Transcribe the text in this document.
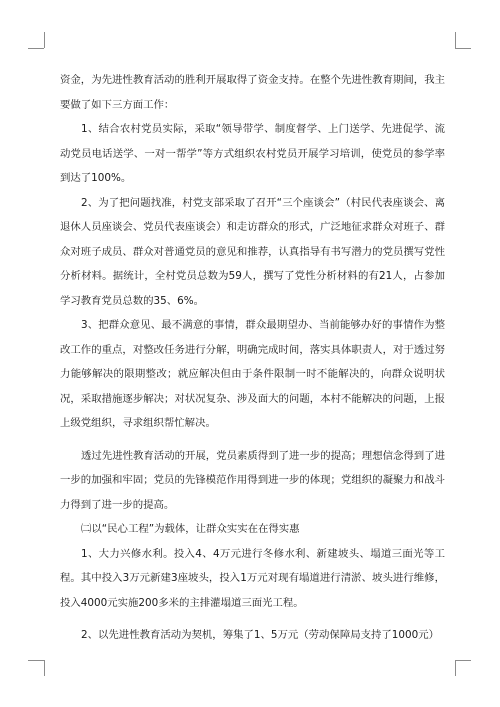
资金，为先进性教育活动的胜利开展取得了资金支持。在整个先进性教育期间，我主要做了如下三方面工作：

1、结合农村党员实际，采取“领导带学、制度督学、上门送学、先进促学、流动党员电话送学、一对一帮学”等方式组织农村党员开展学习培训，使党员的参学率到达了100%。

2、为了把问题找准，村党支部采取了召开“三个座谈会”（村民代表座谈会、离退休人员座谈会、党员代表座谈会）和走访群众的形式，广泛地征求群众对班子、群众对班子成员、群众对普通党员的意见和推荐，认真指导有书写潜力的党员撰写党性分析材料。据统计，全村党员总数为59人，撰写了党性分析材料的有21人，占参加学习教育党员总数的35、6%。

3、把群众意见、最不满意的事情，群众最期望办、当前能够办好的事情作为整改工作的重点，对整改任务进行分解，明确完成时间，落实具体职责人，对于透过努力能够解决的限期整改；就应解决但由于条件限制一时不能解决的，向群众说明状况，采取措施逐步解决；对状况复杂、涉及面大的问题，本村不能解决的问题，上报上级党组织，寻求组织帮忙解决。

透过先进性教育活动的开展，党员素质得到了进一步的提高；理想信念得到了进一步的加强和牢固；党员的先锋模范作用得到进一步的体现；党组织的凝聚力和战斗力得到了进一步的提高。

㈡以“民心工程”为载体，让群众实实在在得实惠

1、大力兴修水利。投入4、4万元进行冬修水利、新建坡头、塌道三面光等工程。其中投入3万元新建3座坡头，投入1万元对现有塌道进行清淤、坡头进行维修，投入4000元实施200多米的主排灌塌道三面光工程。

2、以先进性教育活动为契机，筹集了1、5万元（劳动保障局支持了1000元）
